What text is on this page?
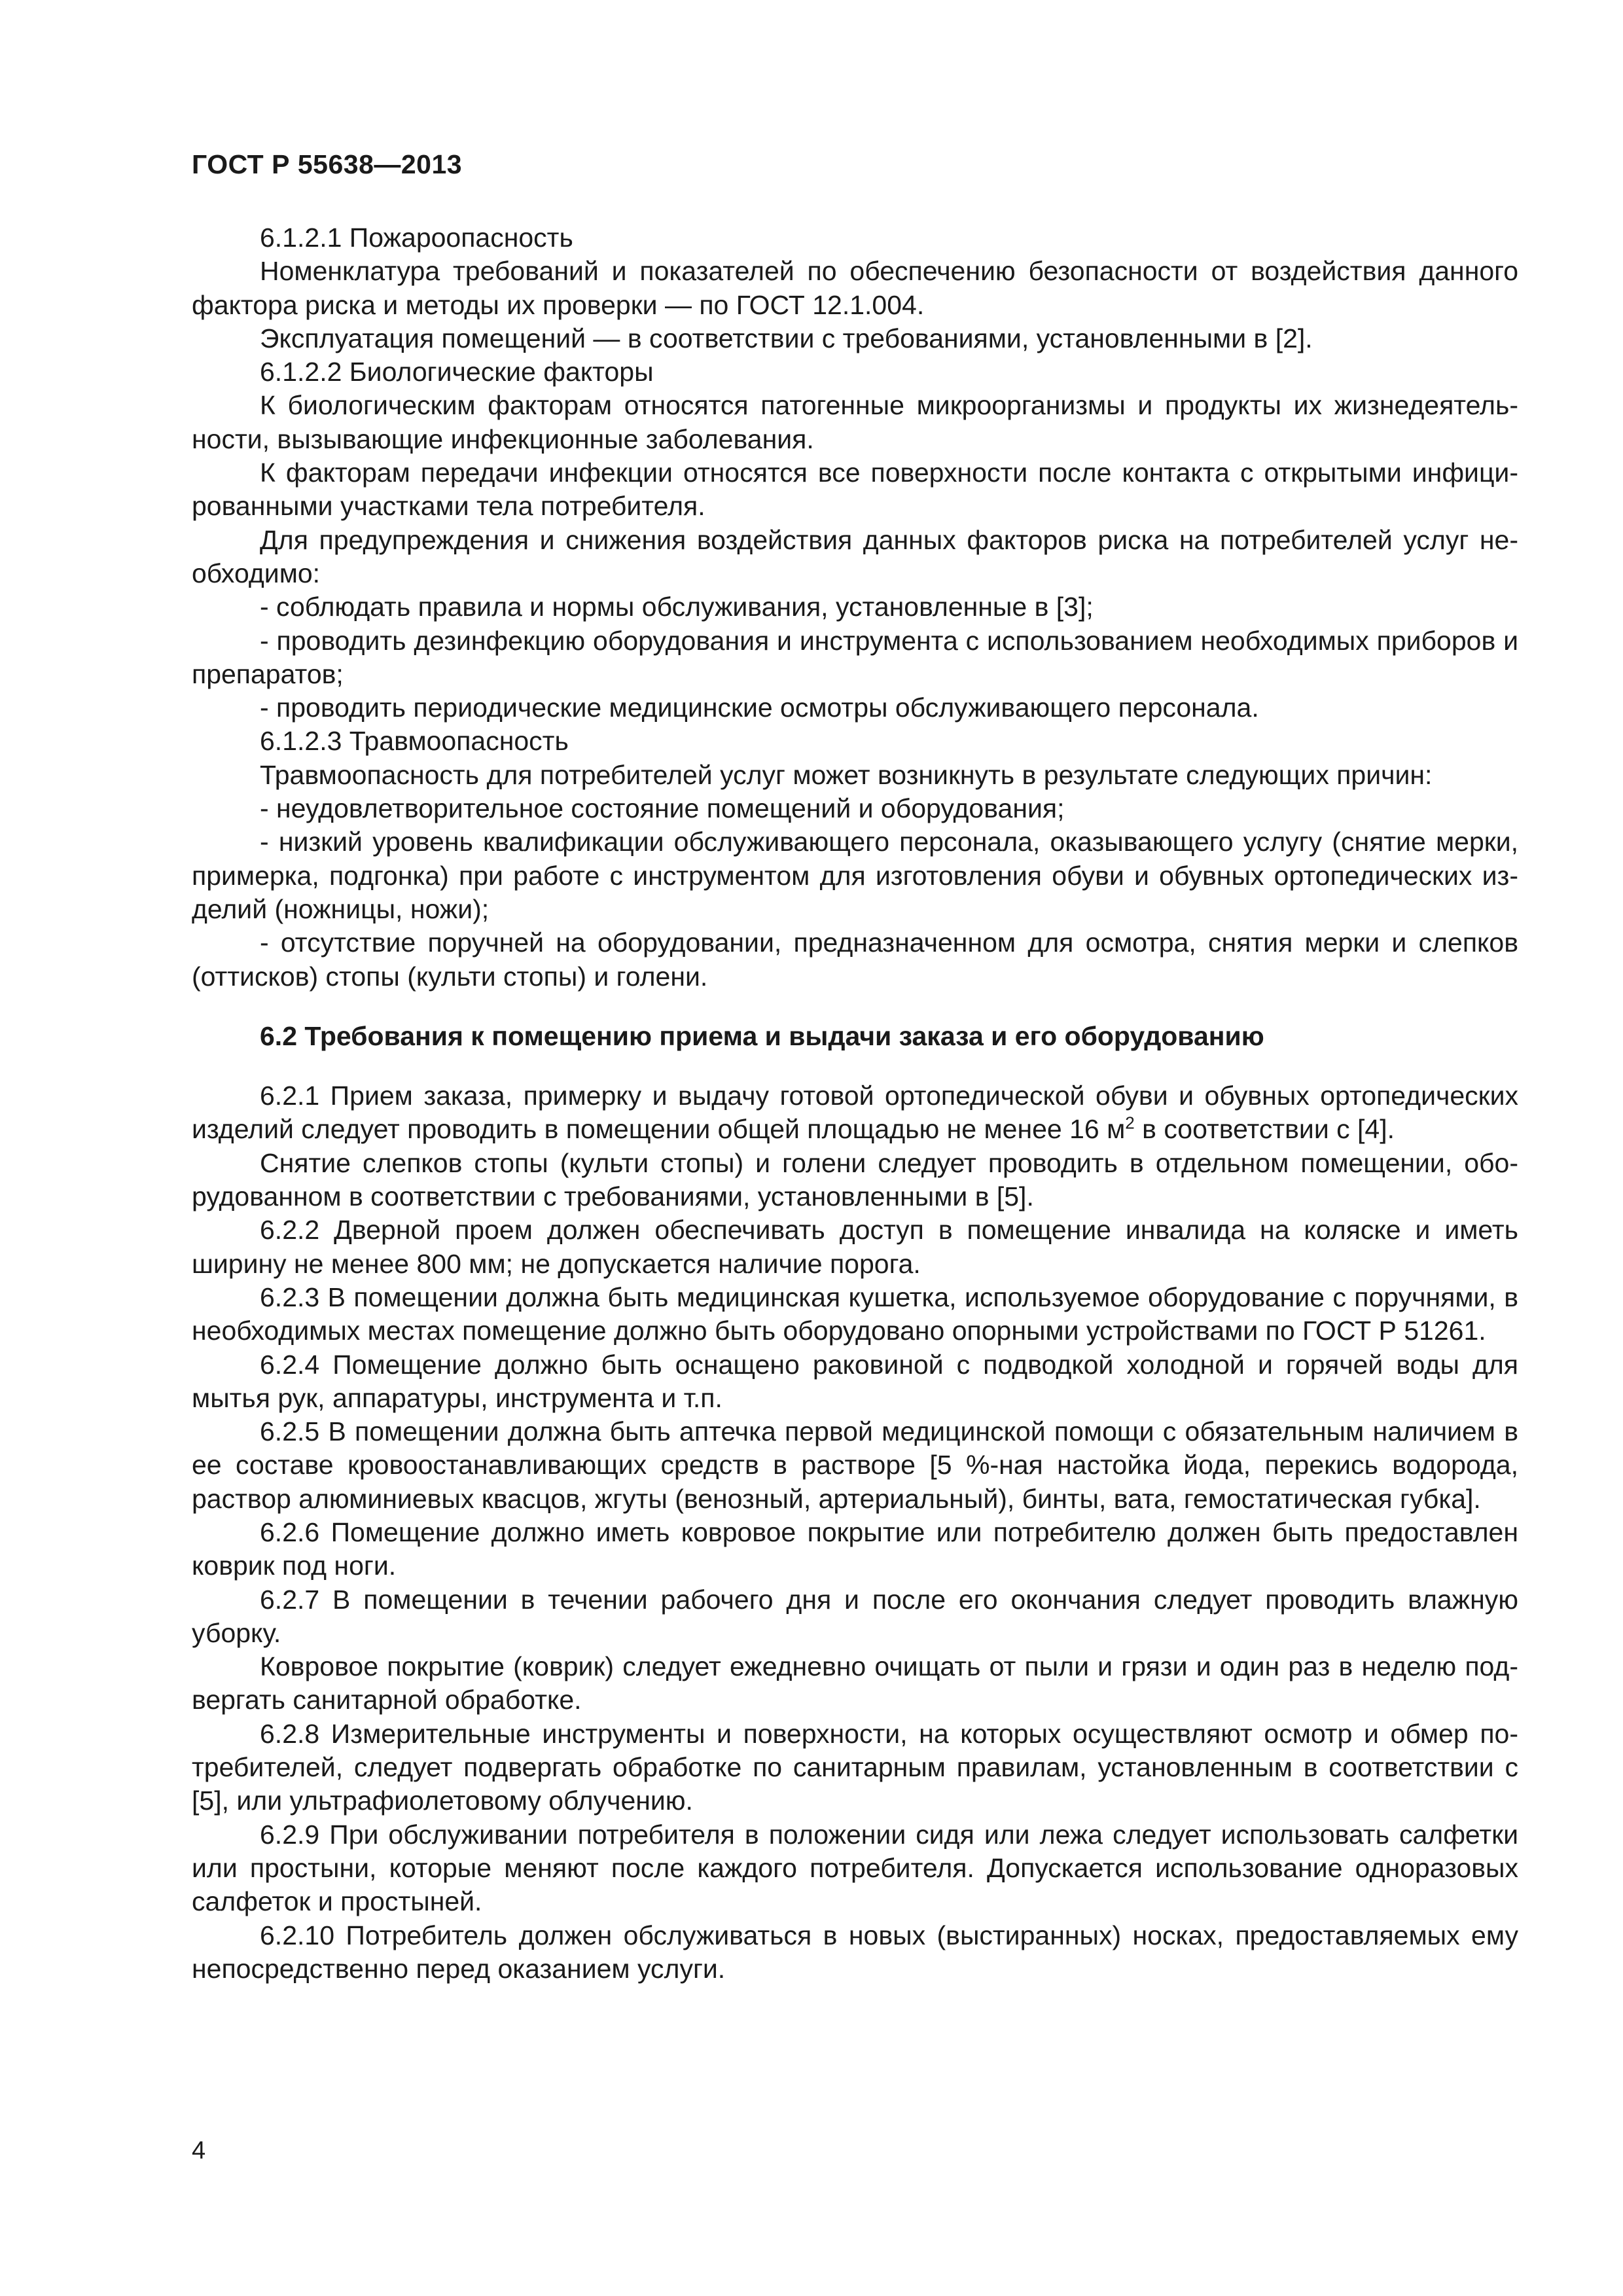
ГОСТ Р 55638—2013

6.1.2.1 Пожароопасность

Номенклатура требований и показателей по обеспечению безопасности от воздействия данного фактора риска и методы их проверки — по ГОСТ 12.1.004.

Эксплуатация помещений — в соответствии с требованиями, установленными в [2].

6.1.2.2 Биологические факторы

К биологическим факторам относятся патогенные микроорганизмы и продукты их жизнедеятельности, вызывающие инфекционные заболевания.

К факторам передачи инфекции относятся все поверхности после контакта с открытыми инфицированными участками тела потребителя.

Для предупреждения и снижения воздействия данных факторов риска на потребителей услуг необходимо:

- соблюдать правила и нормы обслуживания, установленные в [3];

- проводить дезинфекцию оборудования и инструмента с использованием необходимых приборов и препаратов;

- проводить периодические медицинские осмотры обслуживающего персонала.

6.1.2.3 Травмоопасность

Травмоопасность для потребителей услуг может возникнуть в результате следующих причин:

- неудовлетворительное состояние помещений и оборудования;

- низкий уровень квалификации обслуживающего персонала, оказывающего услугу (снятие мерки, примерка, подгонка) при работе с инструментом для изготовления обуви и обувных ортопедических изделий (ножницы, ножи);

- отсутствие поручней на оборудовании, предназначенном для осмотра, снятия мерки и слепков (оттисков) стопы (культи стопы) и голени.

6.2 Требования к помещению приема и выдачи заказа и его оборудованию

6.2.1 Прием заказа, примерку и выдачу готовой ортопедической обуви и обувных ортопедических изделий следует проводить в помещении общей площадью не менее 16 $м^2$ в соответствии с [4].

Снятие слепков стопы (культи стопы) и голени следует проводить в отдельном помещении, оборудованном в соответствии с требованиями, установленными в [5].

6.2.2 Дверной проем должен обеспечивать доступ в помещение инвалида на коляске и иметь ширину не менее 800 мм; не допускается наличие порога.

6.2.3 В помещении должна быть медицинская кушетка, используемое оборудование с поручнями, в необходимых местах помещение должно быть оборудовано опорными устройствами по ГОСТ Р 51261.

6.2.4 Помещение должно быть оснащено раковиной с подводкой холодной и горячей воды для мытья рук, аппаратуры, инструмента и т.п.

6.2.5 В помещении должна быть аптечка первой медицинской помощи с обязательным наличием в ее составе кровоостанавливающих средств в растворе [5 %-ная настойка йода, перекись водорода, раствор алюминиевых квасцов, жгуты (венозный, артериальный), бинты, вата, гемостатическая губка].

6.2.6 Помещение должно иметь ковровое покрытие или потребителю должен быть предоставлен коврик под ноги.

6.2.7 В помещении в течении рабочего дня и после его окончания следует проводить влажную уборку.

Ковровое покрытие (коврик) следует ежедневно очищать от пыли и грязи и один раз в неделю подвергать санитарной обработке.

6.2.8 Измерительные инструменты и поверхности, на которых осуществляют осмотр и обмер потребителей, следует подвергать обработке по санитарным правилам, установленным в соответствии с [5], или ультрафиолетовому облучению.

6.2.9 При обслуживании потребителя в положении сидя или лежа следует использовать салфетки или простыни, которые меняют после каждого потребителя. Допускается использование одноразовых салфеток и простыней.

6.2.10 Потребитель должен обслуживаться в новых (выстиранных) носках, предоставляемых ему непосредственно перед оказанием услуги.

4
